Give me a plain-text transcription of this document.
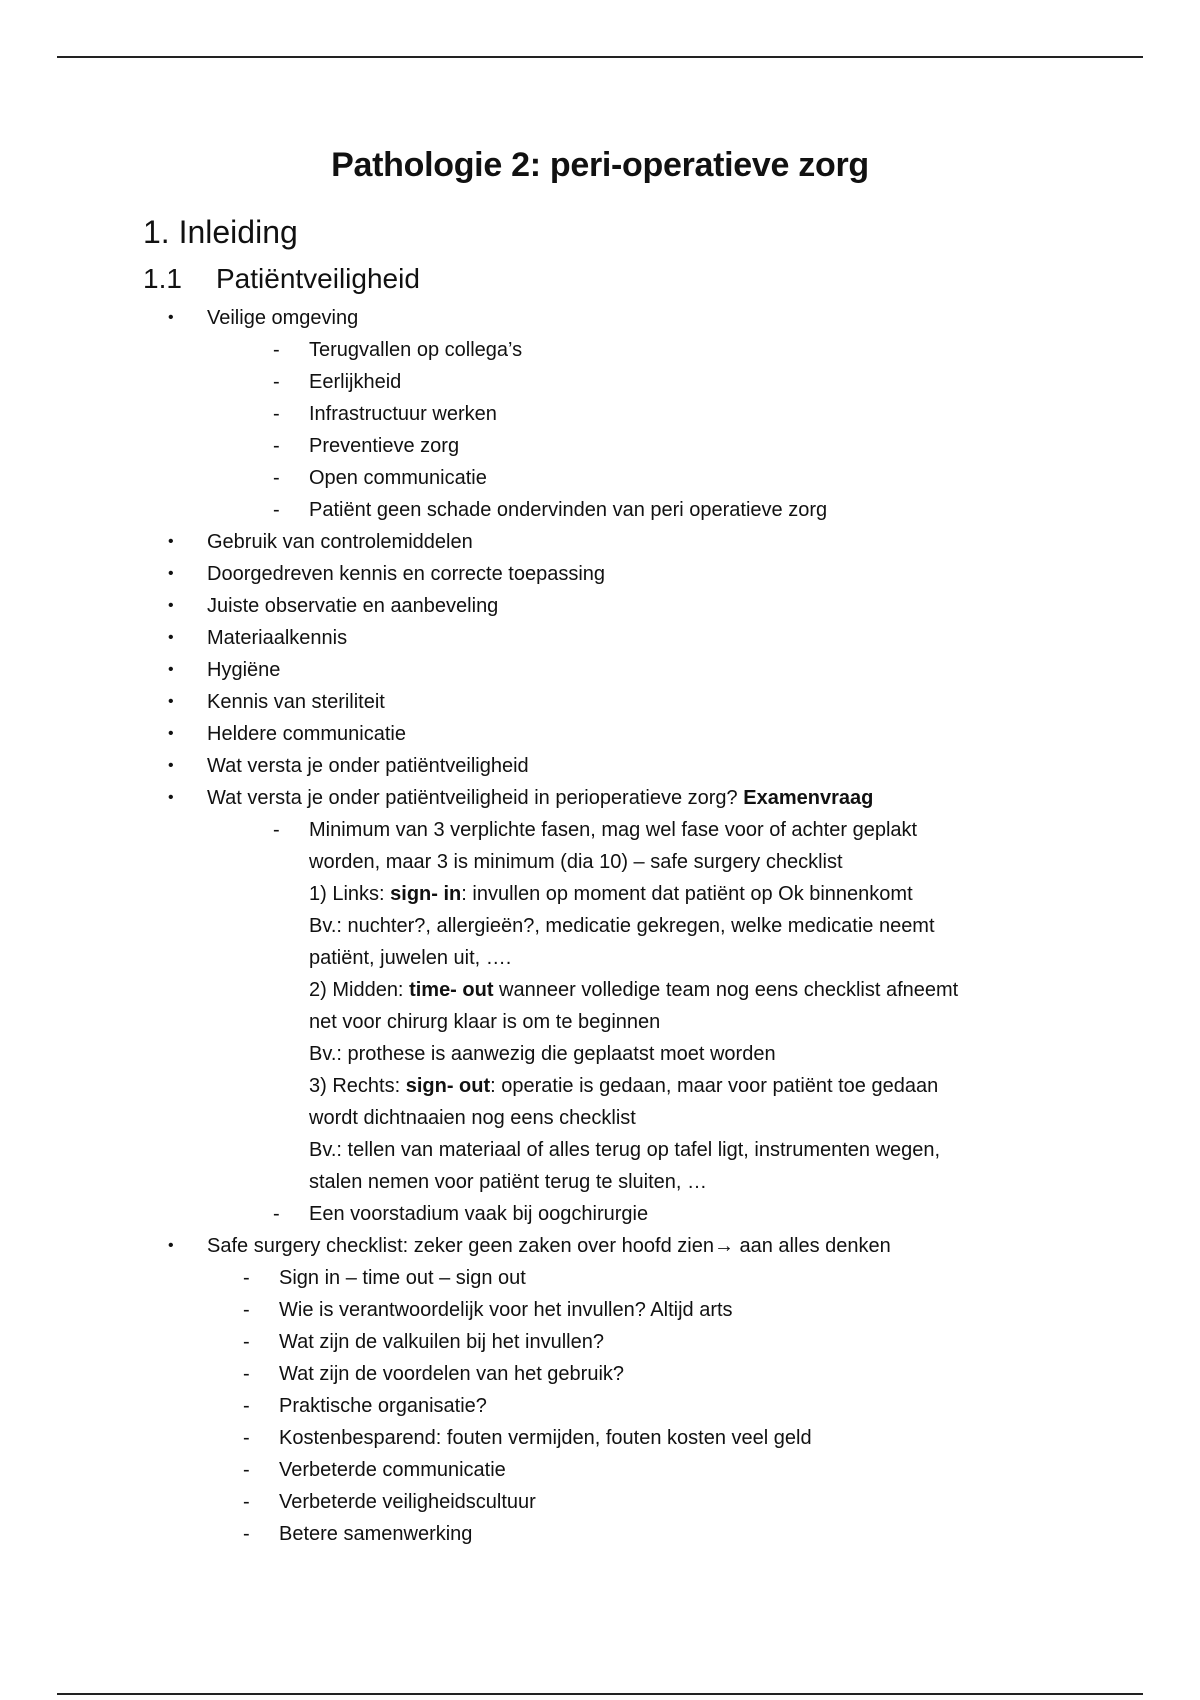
Pathologie 2: peri-operatieve zorg
1. Inleiding
1.1 Patiëntveiligheid
• Veilige omgeving
- Terugvallen op collega’s
- Eerlijkheid
- Infrastructuur werken
- Preventieve zorg
- Open communicatie
- Patiënt geen schade ondervinden van peri operatieve zorg
• Gebruik van controlemiddelen
• Doorgedreven kennis en correcte toepassing
• Juiste observatie en aanbeveling
• Materiaalkennis
• Hygiëne
• Kennis van steriliteit
• Heldere communicatie
• Wat versta je onder patiëntveiligheid
• Wat versta je onder patiëntveiligheid in perioperatieve zorg? Examenvraag
- Minimum van 3 verplichte fasen, mag wel fase voor of achter geplakt
worden, maar 3 is minimum (dia 10) – safe surgery checklist
1) Links: sign- in: invullen op moment dat patiënt op Ok binnenkomt
Bv.: nuchter?, allergieën?, medicatie gekregen, welke medicatie neemt
patiënt, juwelen uit, ….
2) Midden: time- out wanneer volledige team nog eens checklist afneemt
net voor chirurg klaar is om te beginnen
Bv.: prothese is aanwezig die geplaatst moet worden
3) Rechts: sign- out: operatie is gedaan, maar voor patiënt toe gedaan
wordt dichtnaaien nog eens checklist
Bv.: tellen van materiaal of alles terug op tafel ligt, instrumenten wegen,
stalen nemen voor patiënt terug te sluiten, …
- Een voorstadium vaak bij oogchirurgie
• Safe surgery checklist: zeker geen zaken over hoofd zien→ aan alles denken
- Sign in – time out – sign out
- Wie is verantwoordelijk voor het invullen? Altijd arts
- Wat zijn de valkuilen bij het invullen?
- Wat zijn de voordelen van het gebruik?
- Praktische organisatie?
- Kostenbesparend: fouten vermijden, fouten kosten veel geld
- Verbeterde communicatie
- Verbeterde veiligheidscultuur
- Betere samenwerking
